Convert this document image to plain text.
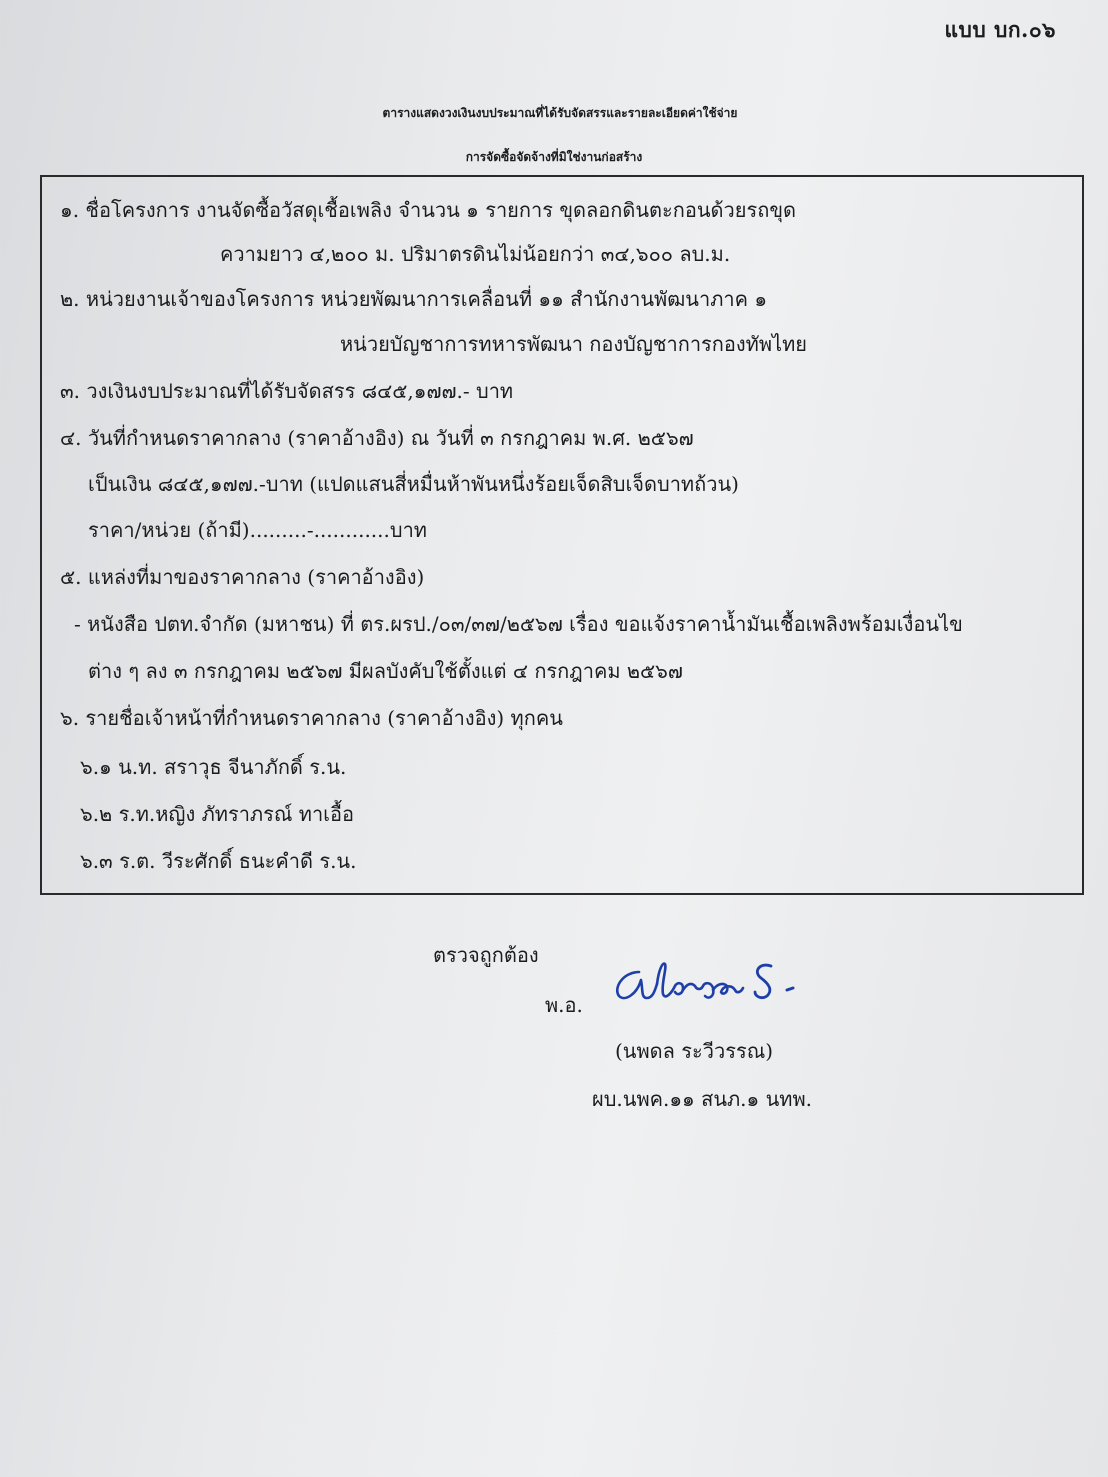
แบบ บก.๐๖
ตารางแสดงวงเงินงบประมาณที่ได้รับจัดสรรและรายละเอียดค่าใช้จ่าย
การจัดซื้อจัดจ้างที่มิใช่งานก่อสร้าง
๑. ชื่อโครงการ งานจัดซื้อวัสดุเชื้อเพลิง จำนวน ๑ รายการ ขุดลอกดินตะกอนด้วยรถขุด
ความยาว ๔,๒๐๐ ม. ปริมาตรดินไม่น้อยกว่า ๓๔,๖๐๐ ลบ.ม.
๒. หน่วยงานเจ้าของโครงการ หน่วยพัฒนาการเคลื่อนที่ ๑๑ สำนักงานพัฒนาภาค ๑
หน่วยบัญชาการทหารพัฒนา กองบัญชาการกองทัพไทย
๓. วงเงินงบประมาณที่ได้รับจัดสรร ๘๔๕,๑๗๗.- บาท
๔. วันที่กำหนดราคากลาง (ราคาอ้างอิง) ณ วันที่ ๓ กรกฎาคม พ.ศ. ๒๕๖๗
เป็นเงิน ๘๔๕,๑๗๗.-บาท (แปดแสนสี่หมื่นห้าพันหนึ่งร้อยเจ็ดสิบเจ็ดบาทถ้วน)
ราคา/หน่วย (ถ้ามี).........-............บาท
๕. แหล่งที่มาของราคากลาง (ราคาอ้างอิง)
- หนังสือ ปตท.จำกัด (มหาชน) ที่ ตร.ผรป./๐๓/๓๗/๒๕๖๗ เรื่อง ขอแจ้งราคาน้ำมันเชื้อเพลิงพร้อมเงื่อนไข
ต่าง ๆ ลง ๓ กรกฎาคม ๒๕๖๗ มีผลบังคับใช้ตั้งแต่ ๔ กรกฎาคม ๒๕๖๗
๖. รายชื่อเจ้าหน้าที่กำหนดราคากลาง (ราคาอ้างอิง) ทุกคน
๖.๑ น.ท. สราวุธ จีนาภักดิ์ ร.น.
๖.๒ ร.ท.หญิง ภัทราภรณ์ ทาเอื้อ
๖.๓ ร.ต. วีระศักดิ์ ธนะคำดี ร.น.
ตรวจถูกต้อง
พ.อ.
(นพดล ระวีวรรณ)
ผบ.นพค.๑๑ สนภ.๑ นทพ.
